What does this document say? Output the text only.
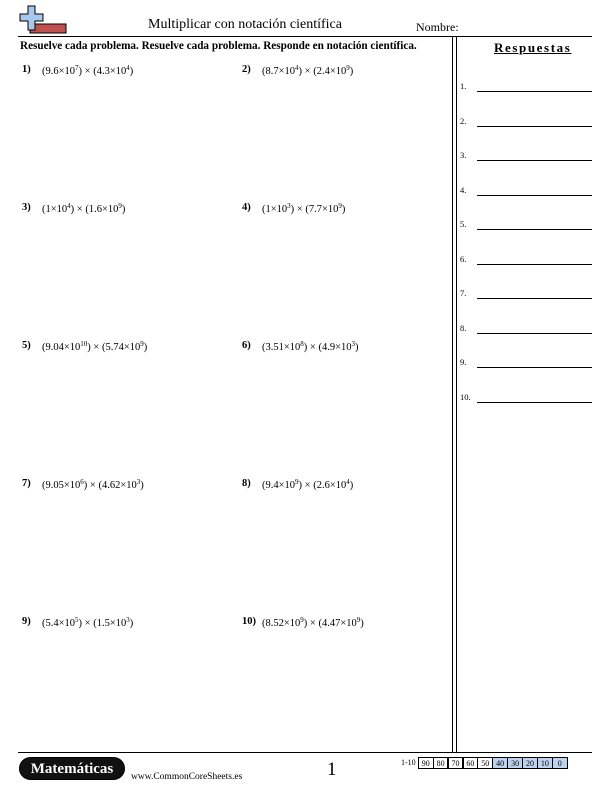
Multiplicar con notación científica	Nombre:
Resuelve cada problema. Resuelve cada problema. Responde en notación científica.
1) $(9.6\times 10^7) \times (4.3\times 10^4)$	2) $(8.7\times 10^4) \times (2.4\times 10^9)$
3) $(1\times 10^4) \times (1.6\times 10^9)$	4) $(1\times 10^3) \times (7.7\times 10^9)$
5) $(9.04\times 10^{10}) \times (5.74\times 10^9)$	6) $(3.51\times 10^8) \times (4.9\times 10^3)$
7) $(9.05\times 10^6) \times (4.62\times 10^3)$	8) $(9.4\times 10^9) \times (2.6\times 10^4)$
9) $(5.4\times 10^5) \times (1.5\times 10^3)$	10) $(8.52\times 10^9) \times (4.47\times 10^9)$
Respuestas
1.
2.
3.
4.
5.
6.
7.
8.
9.
10.
Matemáticas	www.CommonCoreSheets.es	1	1-10 90 80 70 60 50 40 30 20 10	0
